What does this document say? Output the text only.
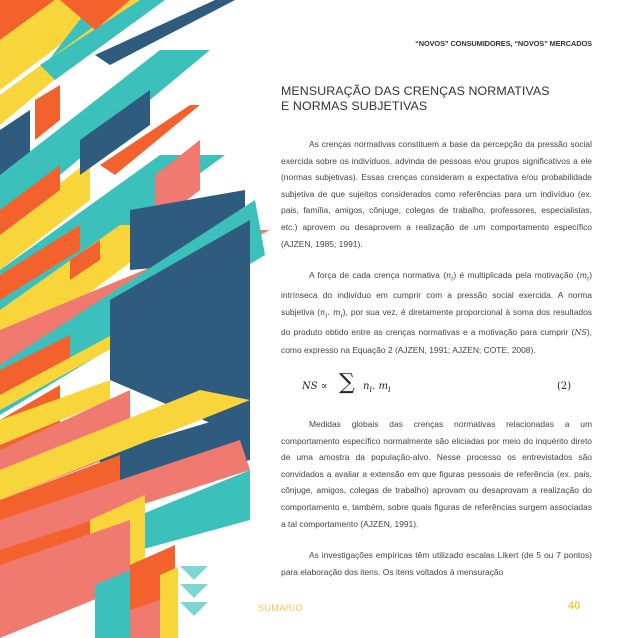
“NOVOS” CONSUMIDORES, “NOVOS” MERCADOS
MENSURAÇÃO DAS CRENÇAS NORMATIVAS
E NORMAS SUBJETIVAS
As crenças normativas constituem a base da percepção da pressão social exercida sobre os indivíduos, advinda de pessoas e/ou grupos significativos a ele (normas subjetivas). Essas crenças consideram a expectativa e/ou probabilidade subjetiva de que sujeitos considerados como referências para um indivíduo (ex. pais, família, amigos, cônjuge, colegas de trabalho, professores, especialistas, etc.) aprovem ou desaprovem a realização de um comportamento específico (AJZEN, 1985; 1991).
A força de cada crença normativa $(n_i)$ é multiplicada pela motivação $(m_i)$ intrínseca do indivíduo em cumprir com a pressão social exercida. A norma subjetiva ($n_i$. $m_i$), por sua vez, é diretamente proporcional à soma dos resultados do produto obtido entre as crenças normativas e a motivação para cumprir (NS), como expresso na Equação 2 (AJZEN, 1991; AJZEN; COTE, 2008).
NS ∝ ∑ $n_i$. $m_i$	(2)
Medidas globais das crenças normativas relacionadas a um comportamento específico normalmente são eliciadas por meio do inquérito direto de uma amostra da população-alvo. Nesse processo os entrevistados são convidados a avaliar a extensão em que figuras pessoais de referência (ex. pais, cônjuge, amigos, colegas de trabalho) aprovam ou desaprovam a realização do comportamento e, também, sobre quais figuras de referências surgem associadas a tal comportamento (AJZEN, 1991).
As investigações empíricas têm utilizado escalas Likert (de 5 ou 7 pontos) para elaboração dos itens. Os itens voltados à mensuração
SUMÁRIO	40
